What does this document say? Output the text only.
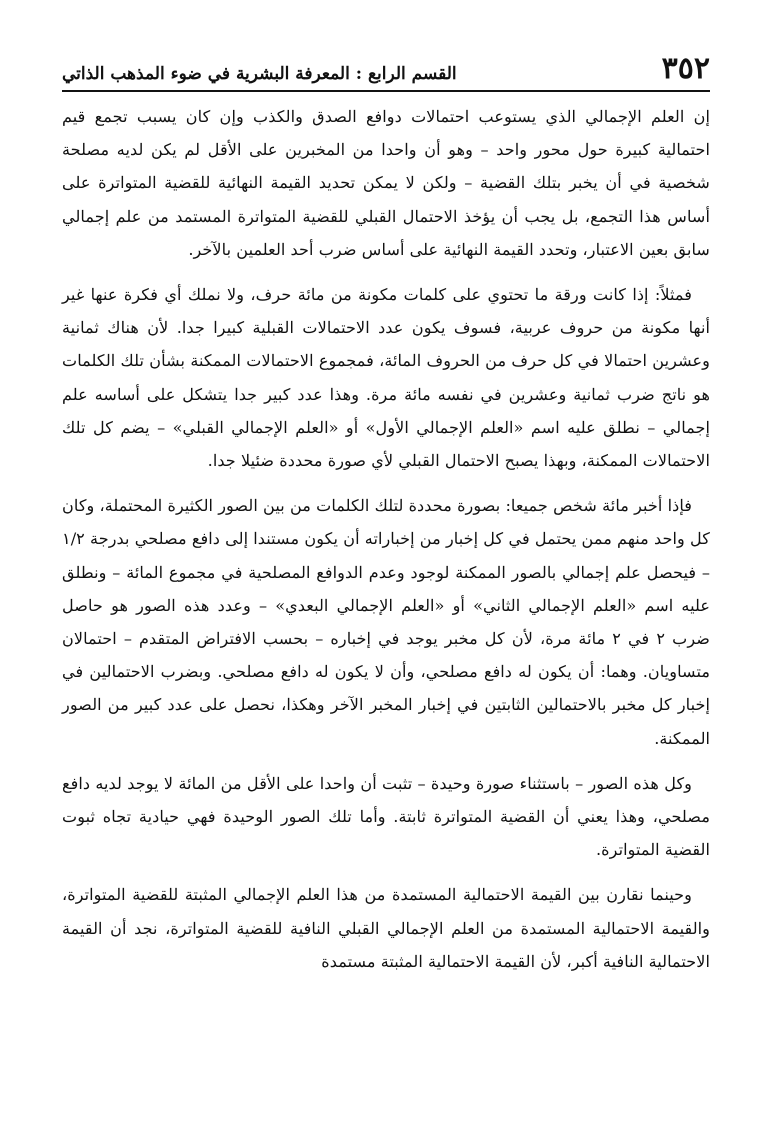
٣٥٢
القسم الرابع : المعرفة البشرية في ضوء المذهب الذاتي

إن العلم الإجمالي الذي يستوعب احتمالات دوافع الصدق والكذب وإن كان يسبب تجمع قيم احتمالية كبيرة حول محور واحد – وهو أن واحدا من المخبرين على الأقل لم يكن لديه مصلحة شخصية في أن يخبر بتلك القضية – ولكن لا يمكن تحديد القيمة النهائية للقضية المتواترة على أساس هذا التجمع، بل يجب أن يؤخذ الاحتمال القبلي للقضية المتواترة المستمد من علم إجمالي سابق بعين الاعتبار، وتحدد القيمة النهائية على أساس ضرب أحد العلمين بالآخر.

فمثلاً: إذا كانت ورقة ما تحتوي على كلمات مكونة من مائة حرف، ولا نملك أي فكرة عنها غير أنها مكونة من حروف عربية، فسوف يكون عدد الاحتمالات القبلية كبيرا جدا. لأن هناك ثمانية وعشرين احتمالا في كل حرف من الحروف المائة، فمجموع الاحتمالات الممكنة بشأن تلك الكلمات هو ناتج ضرب ثمانية وعشرين في نفسه مائة مرة. وهذا عدد كبير جدا يتشكل على أساسه علم إجمالي – نطلق عليه اسم «العلم الإجمالي الأول» أو «العلم الإجمالي القبلي» – يضم كل تلك الاحتمالات الممكنة، وبهذا يصبح الاحتمال القبلي لأي صورة محددة ضئيلا جدا.

فإذا أخبر مائة شخص جميعا: بصورة محددة لتلك الكلمات من بين الصور الكثيرة المحتملة، وكان كل واحد منهم ممن يحتمل في كل إخبار من إخباراته أن يكون مستندا إلى دافع مصلحي بدرجة ١/٢ – فيحصل علم إجمالي بالصور الممكنة لوجود وعدم الدوافع المصلحية في مجموع المائة – ونطلق عليه اسم «العلم الإجمالي الثاني» أو «العلم الإجمالي البعدي» – وعدد هذه الصور هو حاصل ضرب ٢ في ٢ مائة مرة، لأن كل مخبر يوجد في إخباره – بحسب الافتراض المتقدم – احتمالان متساويان. وهما: أن يكون له دافع مصلحي، وأن لا يكون له دافع مصلحي. وبضرب الاحتمالين في إخبار كل مخبر بالاحتمالين الثابتين في إخبار المخبر الآخر وهكذا، نحصل على عدد كبير من الصور الممكنة.

وكل هذه الصور – باستثناء صورة وحيدة – تثبت أن واحدا على الأقل من المائة لا يوجد لديه دافع مصلحي، وهذا يعني أن القضية المتواترة ثابتة. وأما تلك الصور الوحيدة فهي حيادية تجاه ثبوت القضية المتواترة.

وحينما نقارن بين القيمة الاحتمالية المستمدة من هذا العلم الإجمالي المثبتة للقضية المتواترة، والقيمة الاحتمالية المستمدة من العلم الإجمالي القبلي النافية للقضية المتواترة، نجد أن القيمة الاحتمالية النافية أكبر، لأن القيمة الاحتمالية المثبتة مستمدة
